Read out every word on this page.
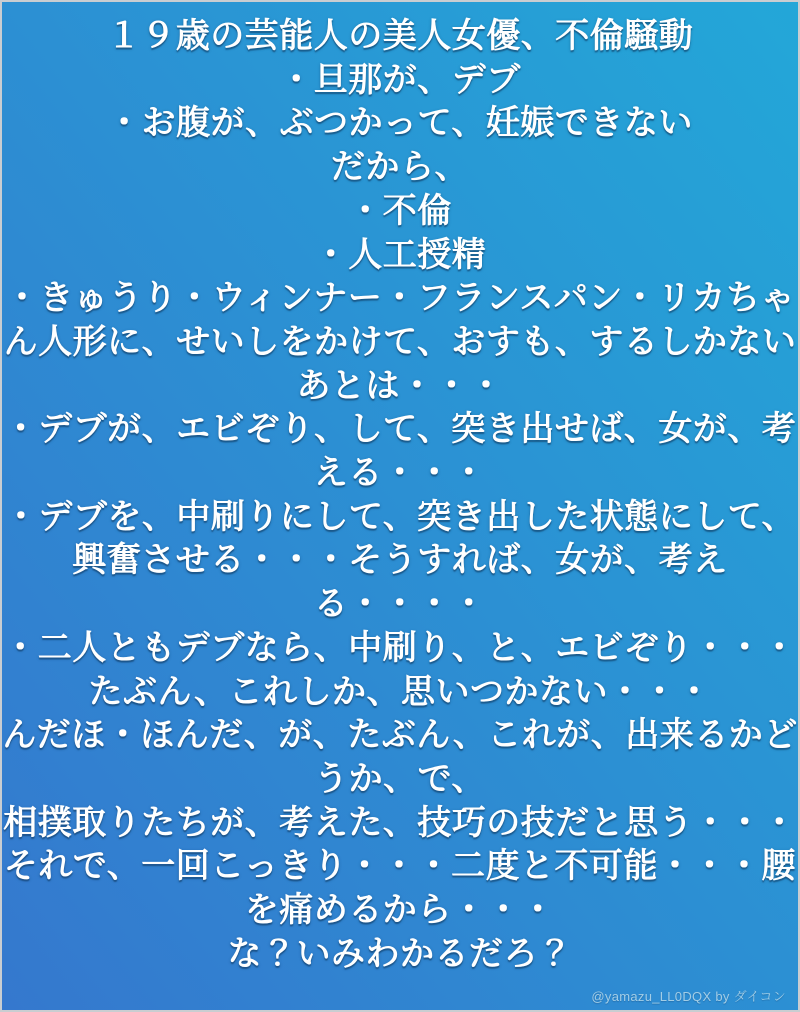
１９歳の芸能人の美人女優、不倫騒動
・旦那が、デブ
・お腹が、ぶつかって、妊娠できない
だから、
・不倫
・人工授精
・きゅうり・ウィンナー・フランスパン・リカちゃ
ん人形に、せいしをかけて、おすも、するしかない
あとは・・・
・デブが、エビぞり、して、突き出せば、女が、考
える・・・
・デブを、中刷りにして、突き出した状態にして、
興奮させる・・・そうすれば、女が、考え
る・・・・
・二人ともデブなら、中刷り、と、エビぞり・・・
たぶん、これしか、思いつかない・・・
んだほ・ほんだ、が、たぶん、これが、出来るかど
うか、で、
相撲取りたちが、考えた、技巧の技だと思う・・・
それで、一回こっきり・・・二度と不可能・・・腰
を痛めるから・・・
な？いみわかるだろ？
@yamazu_LL0DQX by ダイコン
